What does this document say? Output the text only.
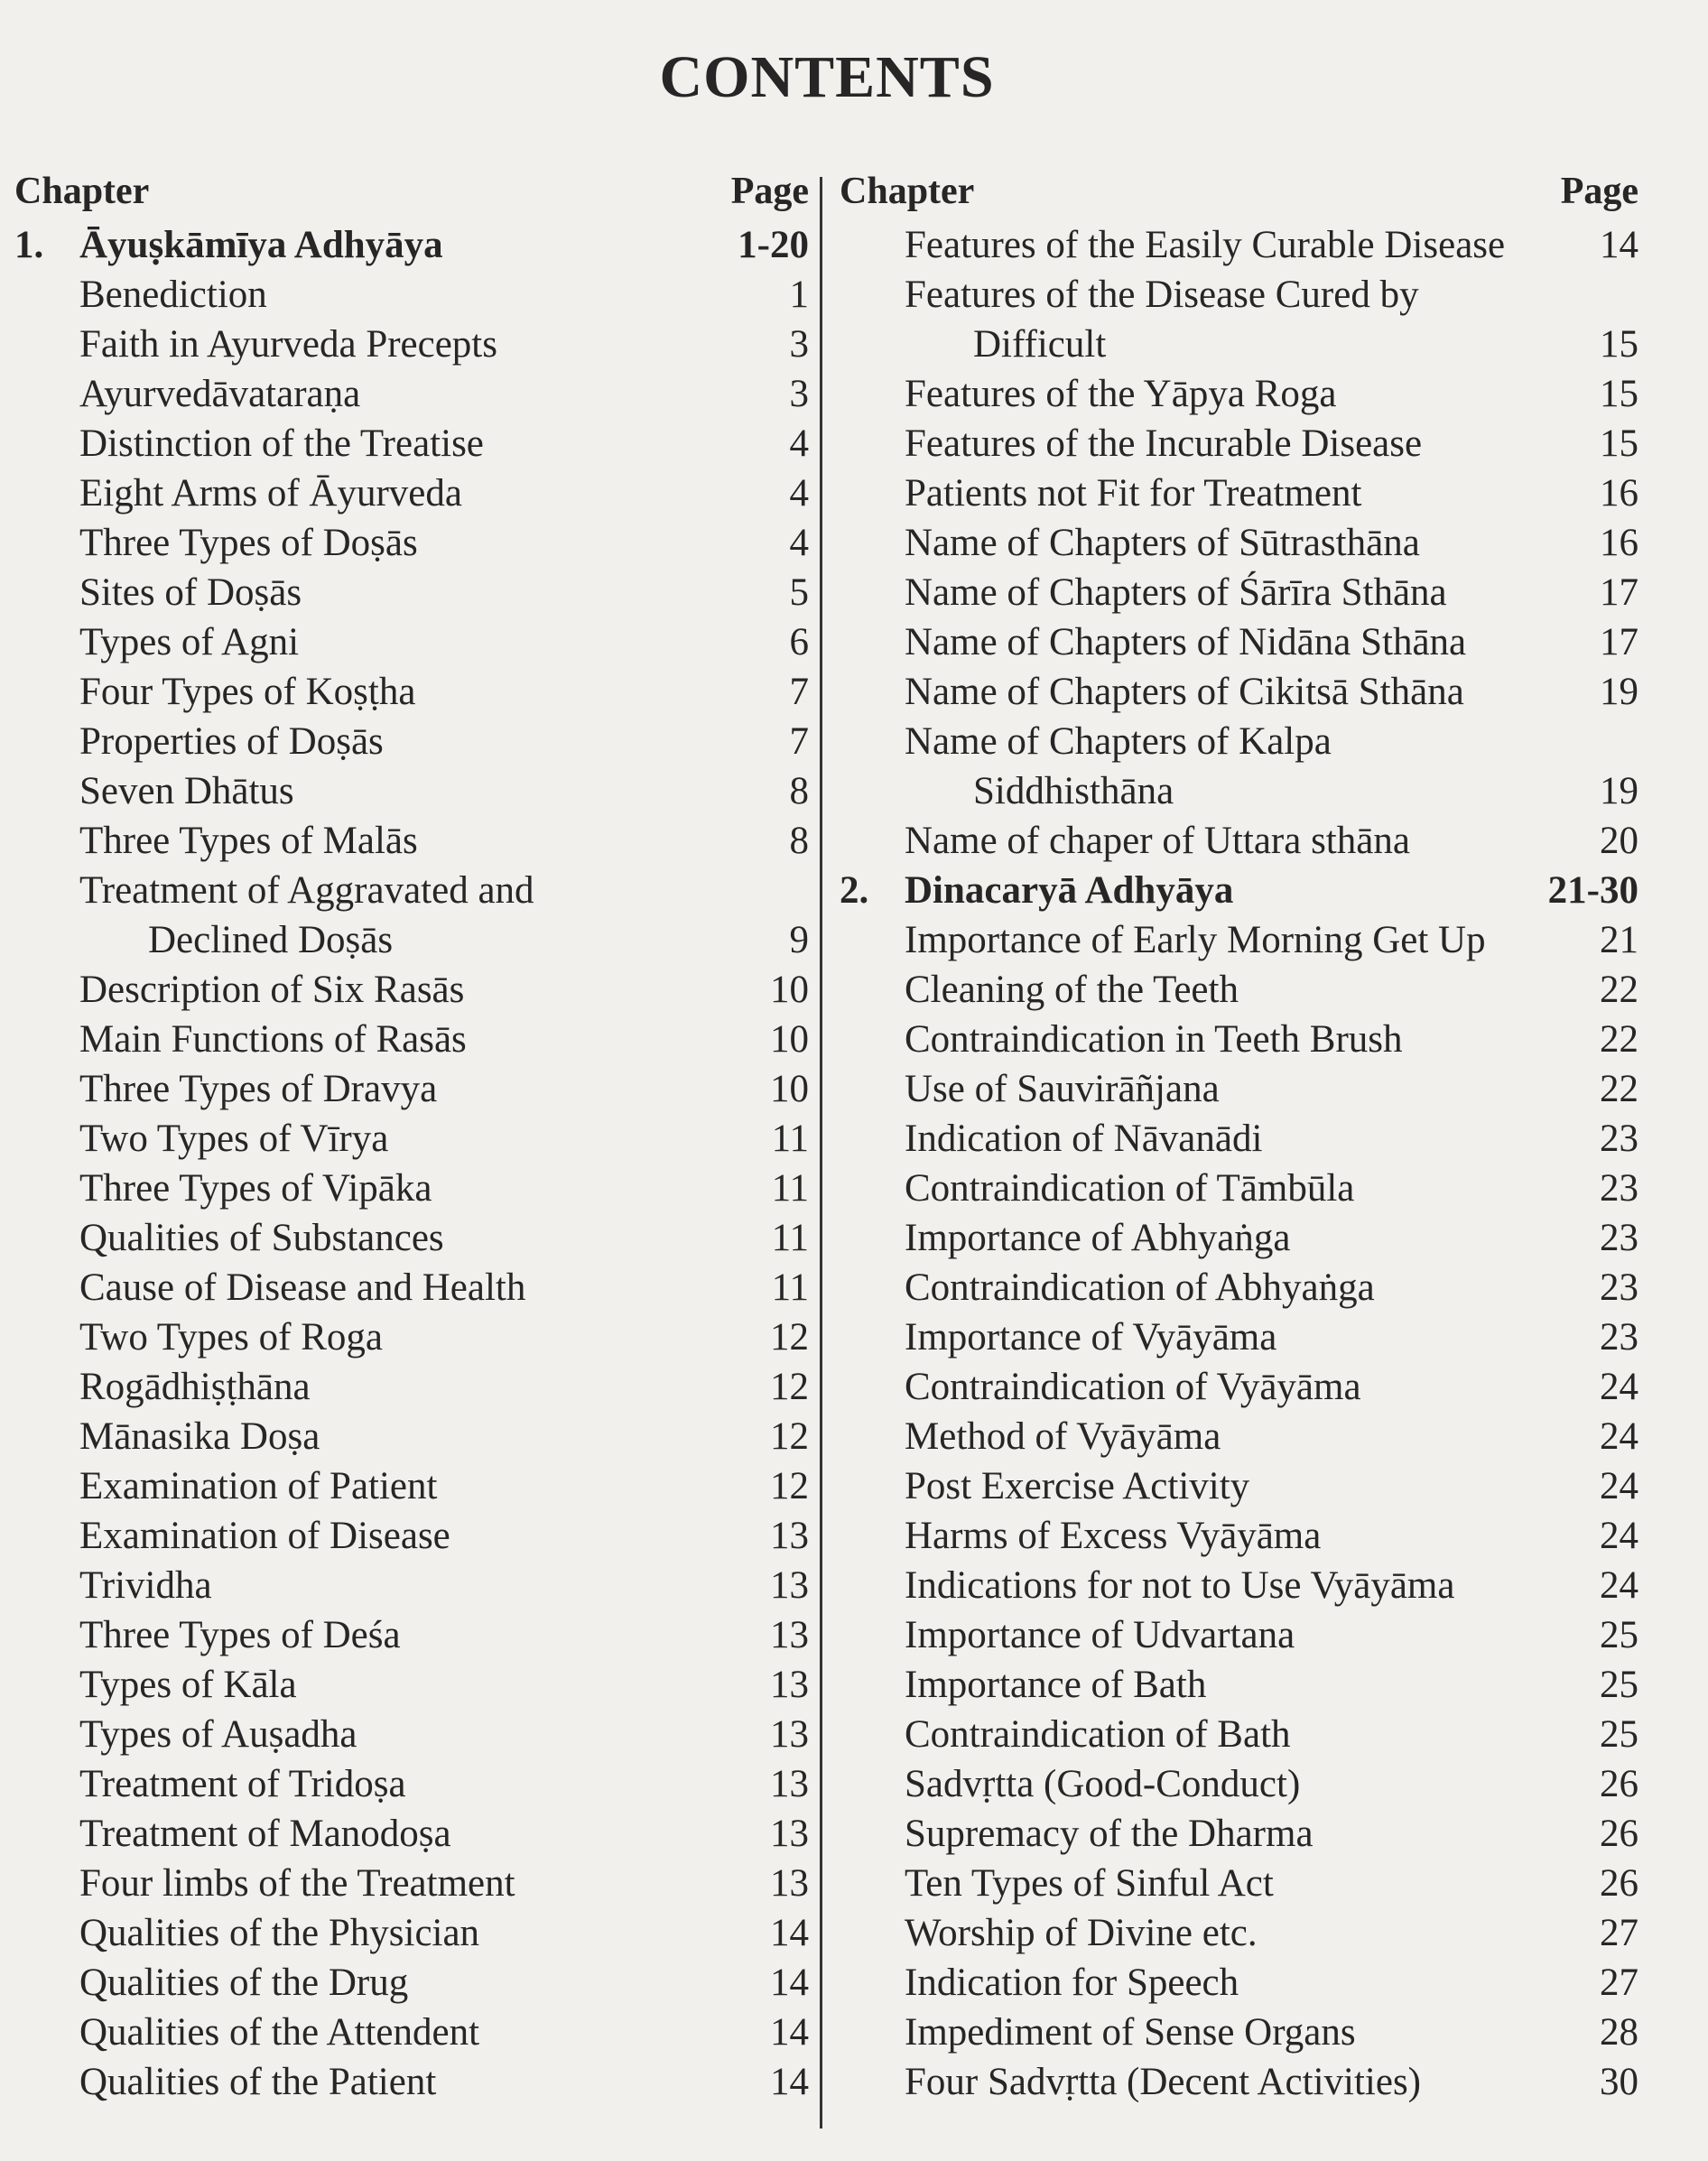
CONTENTS
Chapter	Page
1. Āyuṣkāmīya Adhyāya	1-20
Benediction	1
Faith in Ayurveda Precepts	3
Ayurvedāvataraṇa	3
Distinction of the Treatise	4
Eight Arms of Āyurveda	4
Three Types of Doṣās	4
Sites of Doṣās	5
Types of Agni	6
Four Types of Koṣṭha	7
Properties of Doṣās	7
Seven Dhātus	8
Three Types of Malās	8
Treatment of Aggravated and
Declined Doṣās	9
Description of Six Rasās	10
Main Functions of Rasās	10
Three Types of Dravya	10
Two Types of Vīrya	11
Three Types of Vipāka	11
Qualities of Substances	11
Cause of Disease and Health	11
Two Types of Roga	12
Rogādhiṣṭhāna	12
Mānasika Doṣa	12
Examination of Patient	12
Examination of Disease	13
Trividha	13
Three Types of Deśa	13
Types of Kāla	13
Types of Auṣadha	13
Treatment of Tridoṣa	13
Treatment of Manodoṣa	13
Four limbs of the Treatment	13
Qualities of the Physician	14
Qualities of the Drug	14
Qualities of the Attendent	14
Qualities of the Patient	14
Chapter	Page
Features of the Easily Curable Disease	14
Features of the Disease Cured by
Difficult	15
Features of the Yāpya Roga	15
Features of the Incurable Disease	15
Patients not Fit for Treatment	16
Name of Chapters of Sūtrasthāna	16
Name of Chapters of Śārīra Sthāna	17
Name of Chapters of Nidāna Sthāna	17
Name of Chapters of Cikitsā Sthāna	19
Name of Chapters of Kalpa
Siddhisthāna	19
Name of chaper of Uttara sthāna	20
2. Dinacaryā Adhyāya	21-30
Importance of Early Morning Get Up	21
Cleaning of the Teeth	22
Contraindication in Teeth Brush	22
Use of Sauvirāñjana	22
Indication of Nāvanādi	23
Contraindication of Tāmbūla	23
Importance of Abhyaṅga	23
Contraindication of Abhyaṅga	23
Importance of Vyāyāma	23
Contraindication of Vyāyāma	24
Method of Vyāyāma	24
Post Exercise Activity	24
Harms of Excess Vyāyāma	24
Indications for not to Use Vyāyāma	24
Importance of Udvartana	25
Importance of Bath	25
Contraindication of Bath	25
Sadvṛtta (Good-Conduct)	26
Supremacy of the Dharma	26
Ten Types of Sinful Act	26
Worship of Divine etc.	27
Indication for Speech	27
Impediment of Sense Organs	28
Four Sadvṛtta (Decent Activities)	30
